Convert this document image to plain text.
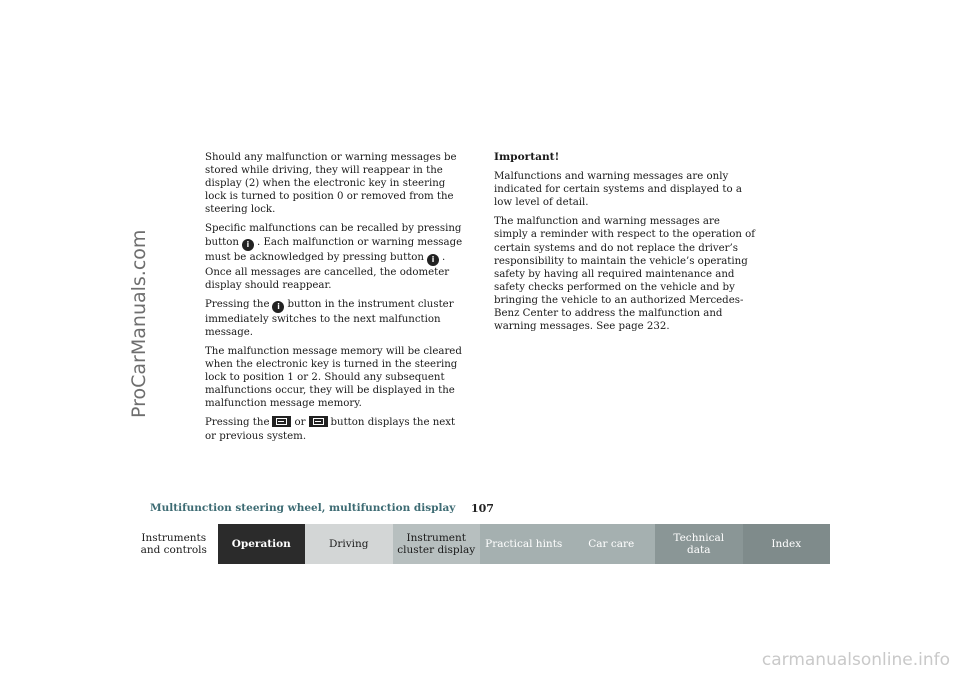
ProCarManuals.com

Should any malfunction or warning messages be stored while driving, they will reappear in the display (2) when the electronic key in steering lock is turned to position 0 or removed from the steering lock.

Specific malfunctions can be recalled by pressing button i . Each malfunction or warning message must be acknowledged by pressing button i . Once all messages are cancelled, the odometer display should reappear.

Pressing the i button in the instrument cluster immediately switches to the next malfunction message.

The malfunction message memory will be cleared when the electronic key is turned in the steering lock to position 1 or 2. Should any subsequent malfunctions occur, they will be displayed in the malfunction message memory.

Pressing the or button displays the next or previous system.

Important!

Malfunctions and warning messages are only indicated for certain systems and displayed to a low level of detail.

The malfunction and warning messages are simply a reminder with respect to the operation of certain systems and do not replace the driver’s responsibility to maintain the vehicle’s operating safety by having all required maintenance and safety checks performed on the vehicle and by bringing the vehicle to an authorized Mercedes-Benz Center to address the malfunction and warning messages. See page 232.

Multifunction steering wheel, multifunction display 107
Instruments
and controls
Operation	Driving
Instrument
cluster display
Practical hints	Car care
Technical
data
Index
carmanualsonline.info
